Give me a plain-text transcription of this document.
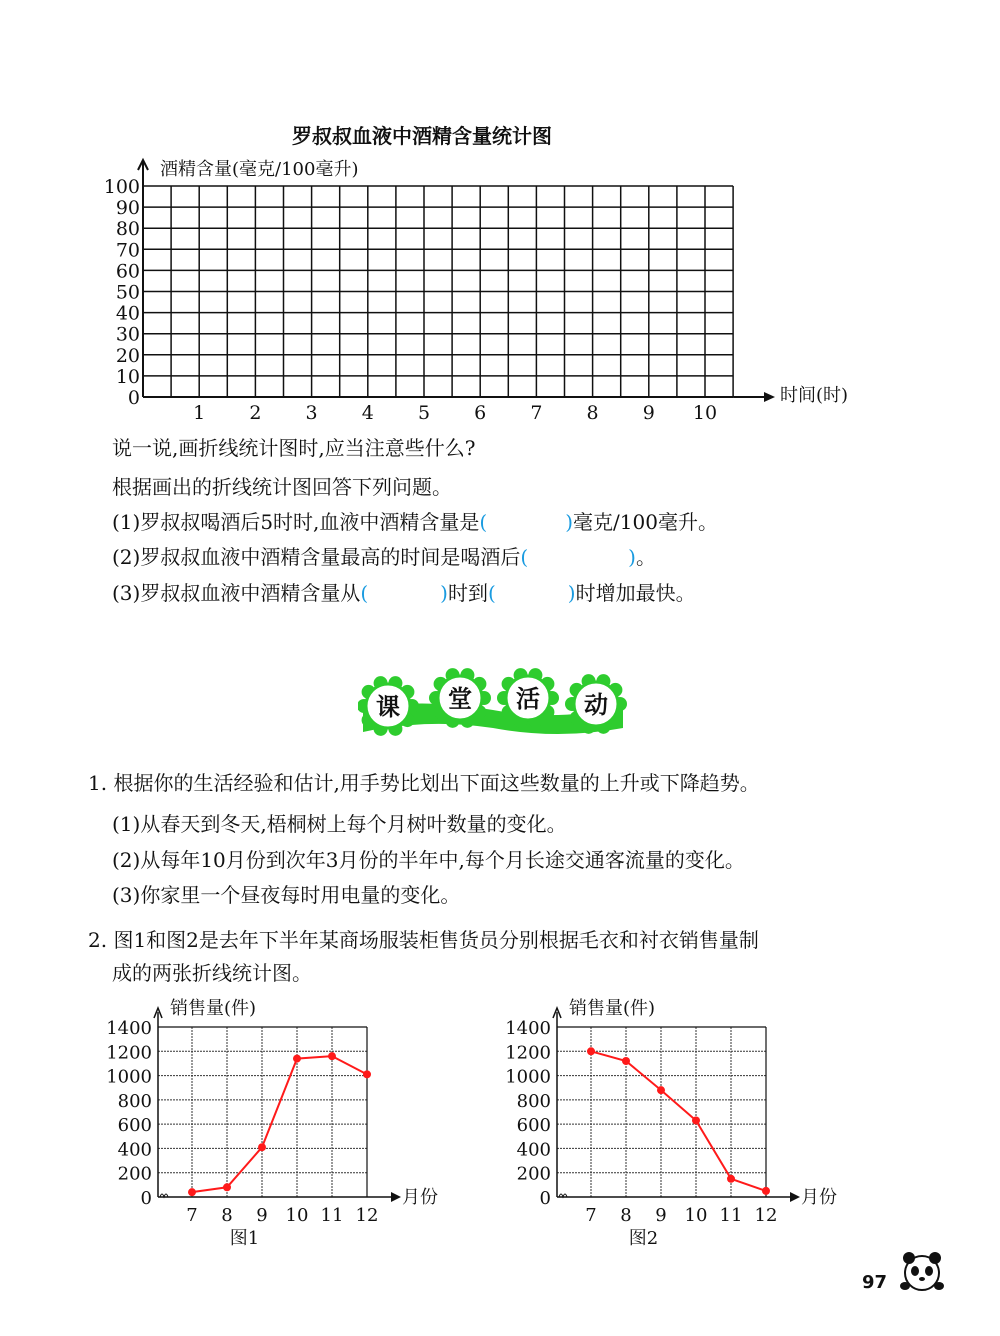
罗叔叔血液中酒精含量统计图
0
10
20
30
40
50
60
70
80
90
100
1 2 3 4 5 6 7 8 9 10
酒精含量(毫克/100毫升)
时间(时)
说一说,画折线统计图时,应当注意些什么?
根据画出的折线统计图回答下列问题。
(1)罗叔叔喝酒后5时时,血液中酒精含量是(	)毫克/100毫升。
(2)罗叔叔血液中酒精含量最高的时间是喝酒后(	)。
(3)罗叔叔血液中酒精含量从(	)时到(	)时增加最快。
课 堂 活 动
1. 根据你的生活经验和估计,用手势比划出下面这些数量的上升或下降趋势。
(1)从春天到冬天,梧桐树上每个月树叶数量的变化。
(2)从每年10月份到次年3月份的半年中,每个月长途交通客流量的变化。
(3)你家里一个昼夜每时用电量的变化。
2. 图1和图2是去年下半年某商场服装柜售货员分别根据毛衣和衬衣销售量制
成的两张折线统计图。
0
200
400
600
800
1000
1200
1400
7 8 9 10 11 12
销售量(件)
月份
图1
0
200
400
600
800
1000
1200
1400
7 8 9 10 11 12
销售量(件)
月份
图2
97
